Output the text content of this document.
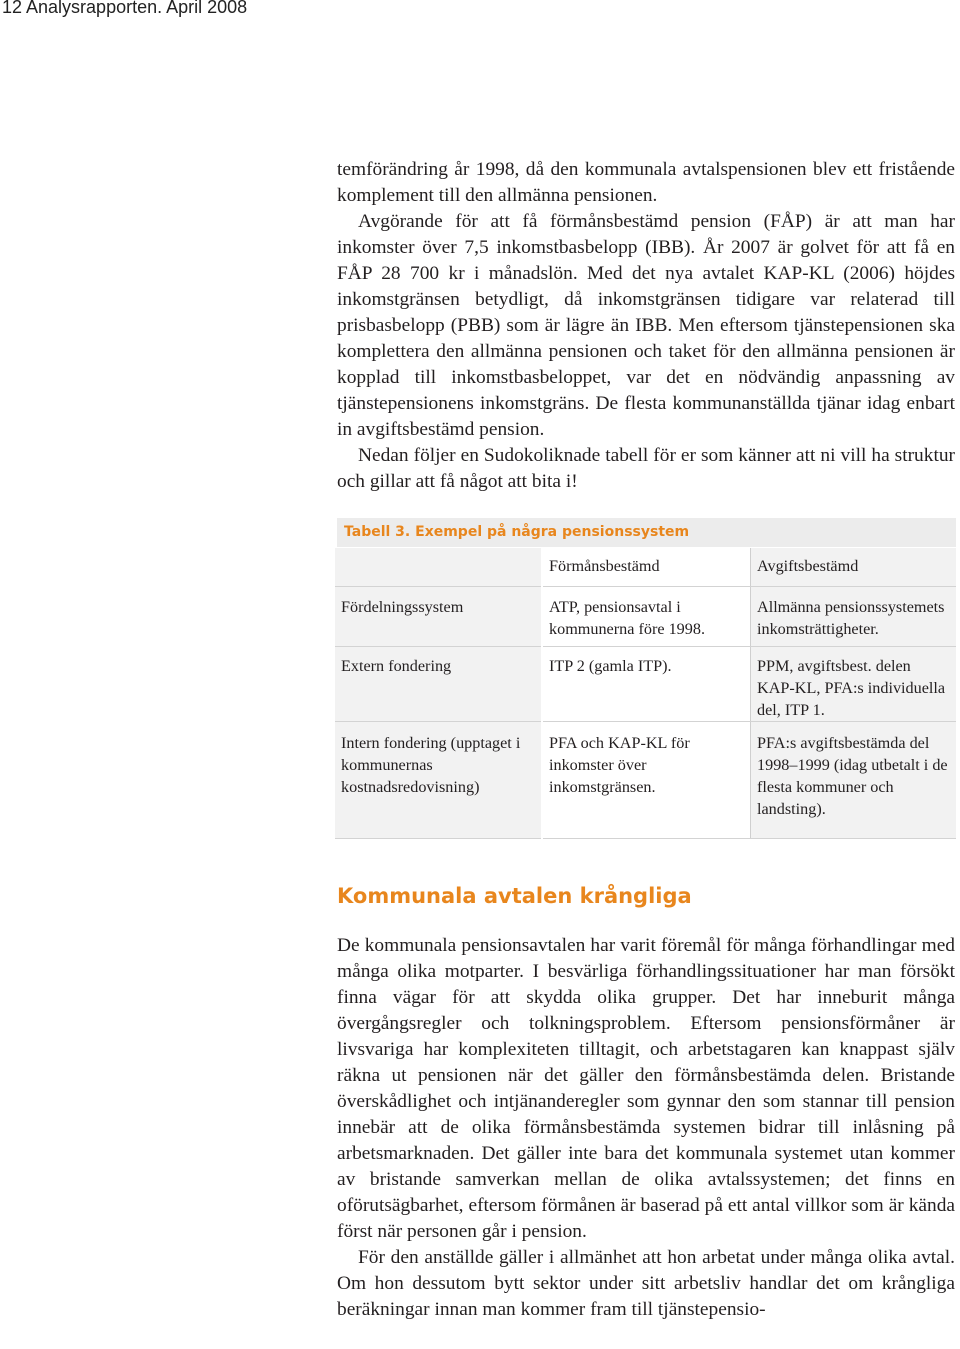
12 Analysrapporten. April 2008

temförändring år 1998, då den kommunala avtalspensionen blev ett fristående komplement till den allmänna pensionen.

Avgörande för att få förmånsbestämd pension (FÅP) är att man har inkomster över 7,5 inkomstbasbelopp (IBB). År 2007 är golvet för att få en FÅP 28 700 kr i månadslön. Med det nya avtalet KAP-KL (2006) höjdes inkomstgränsen betydligt, då inkomstgränsen tidigare var relaterad till prisbasbelopp (PBB) som är lägre än IBB. Men eftersom tjänstepensionen ska komplettera den allmänna pensionen och taket för den allmänna pensionen är kopplad till inkomstbasbeloppet, var det en nödvändig anpassning av tjänstepensionens inkomstgräns. De flesta kommunanställda tjänar idag enbart in avgiftsbestämd pension.

Nedan följer en Sudokoliknade tabell för er som känner att ni vill ha struktur och gillar att få något att bita i!

Tabell 3. Exempel på några pensionssystem
	Förmånsbestämd	Avgiftsbestämd
Fördelningssystem	ATP, pensionsavtal i kommunerna före 1998.	Allmänna pensionssystemets inkomsträttigheter.
Extern fondering	ITP 2 (gamla ITP).	PPM, avgiftsbest. delen KAP-KL, PFA:s individuella del, ITP 1.
Intern fondering (upptaget i kommunernas kostnadsredovisning)	PFA och KAP-KL för inkomster över inkomstgränsen.	PFA:s avgiftsbestämda del 1998–1999 (idag utbetalt i de flesta kommuner och landsting).
Kommunala avtalen krångliga

De kommunala pensionsavtalen har varit föremål för många förhandlingar med många olika motparter. I besvärliga förhandlingssituationer har man försökt finna vägar för att skydda olika grupper. Det har inneburit många övergångsregler och tolkningsproblem. Eftersom pensionsförmåner är livsvariga har komplexiteten tilltagit, och arbetstagaren kan knappast själv räkna ut pensionen när det gäller den förmånsbestämda delen. Bristande överskådlighet och intjänanderegler som gynnar den som stannar till pension innebär att de olika förmånsbestämda systemen bidrar till inlåsning på arbetsmarknaden. Det gäller inte bara det kommunala systemet utan kommer av bristande samverkan mellan de olika avtalssystemen; det finns en oförutsägbarhet, eftersom förmånen är baserad på ett antal villkor som är kända först när personen går i pension.

För den anställde gäller i allmänhet att hon arbetat under många olika avtal. Om hon dessutom bytt sektor under sitt arbetsliv handlar det om krångliga beräkningar innan man kommer fram till tjänstepensio-
